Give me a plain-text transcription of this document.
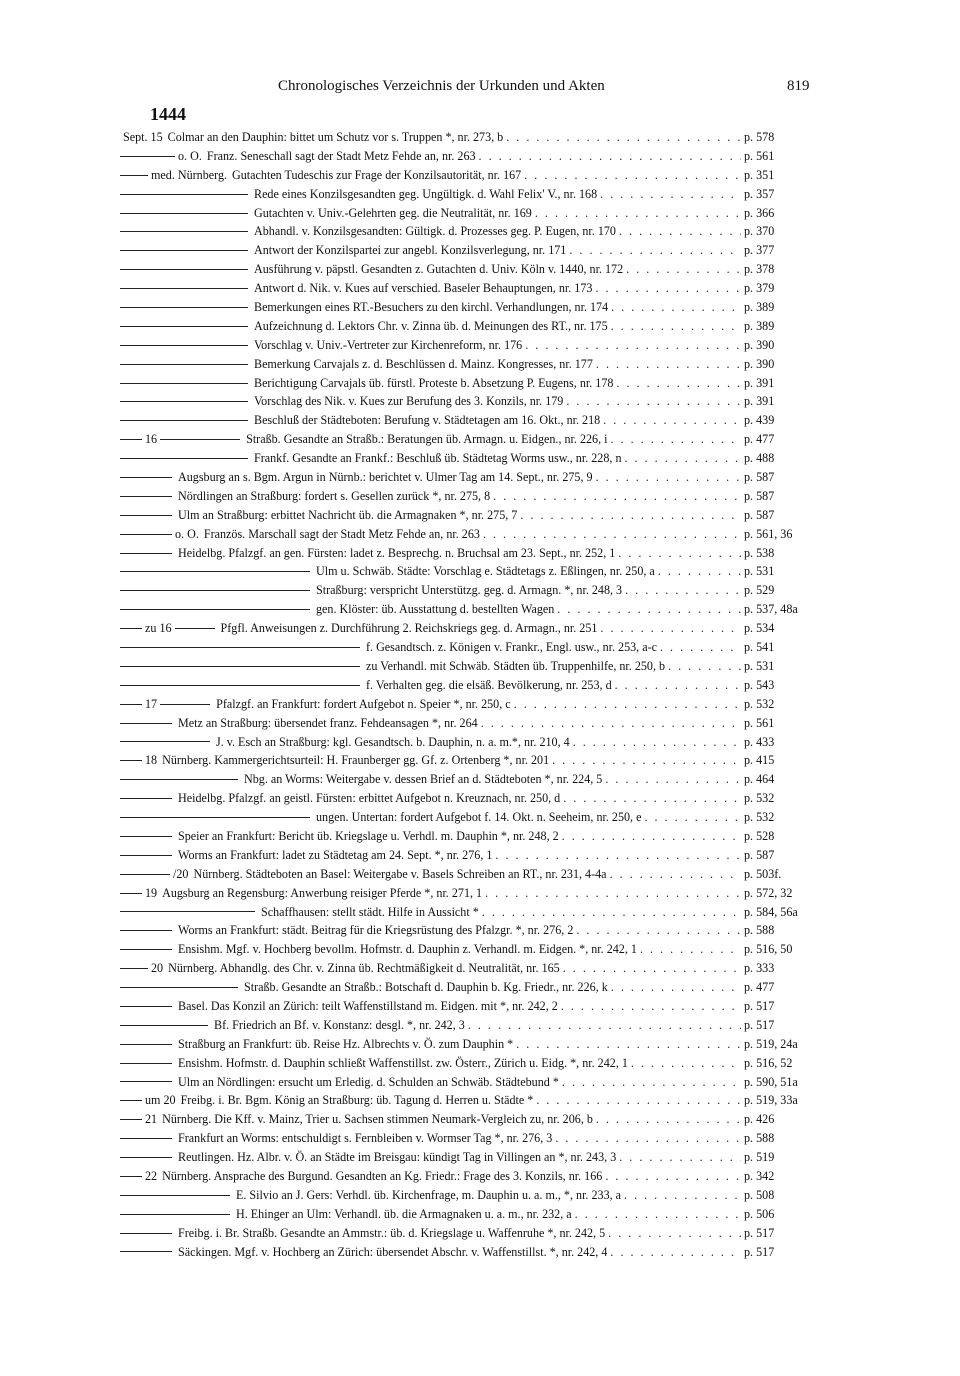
Chronologisches Verzeichnis der Urkunden und Akten	819
1444
Sept. 15 Colmar an den Dauphin: bittet um Schutz vor s. Truppen *, nr. 273, b . . .	p. 578
o. O. Franz. Seneschall sagt der Stadt Metz Fehde an, nr. 263 . . .	p. 561
med. Nürnberg. Gutachten Tudeschis zur Frage der Konzilsautorität, nr. 167 . . .	p. 351
Rede eines Konzilsgesandten geg. Ungültigk. d. Wahl Felix' V., nr. 168 . . .	p. 357
Gutachten v. Univ.-Gelehrten geg. die Neutralität, nr. 169 . . .	p. 366
Abhandl. v. Konzilsgesandten: Gültigk. d. Prozesses geg. P. Eugen, nr. 170 . . .	p. 370
Antwort der Konzilspartei zur angebl. Konzilsverlegung, nr. 171 . . .	p. 377
Ausführung v. päpstl. Gesandten z. Gutachten d. Univ. Köln v. 1440, nr. 172 . . .	p. 378
Antwort d. Nik. v. Kues auf verschied. Baseler Behauptungen, nr. 173 . . .	p. 379
Bemerkungen eines RT.-Besuchers zu den kirchl. Verhandlungen, nr. 174 . . .	p. 389
Aufzeichnung d. Lektors Chr. v. Zinna üb. d. Meinungen des RT., nr. 175 . . .	p. 389
Vorschlag v. Univ.-Vertreter zur Kirchenreform, nr. 176 . . .	p. 390
Bemerkung Carvajals z. d. Beschlüssen d. Mainz. Kongresses, nr. 177 . . .	p. 390
Berichtigung Carvajals üb. fürstl. Proteste b. Absetzung P. Eugens, nr. 178 . . .	p. 391
Vorschlag des Nik. v. Kues zur Berufung des 3. Konzils, nr. 179 . . .	p. 391
Beschluß der Städteboten: Berufung v. Städtetagen am 16. Okt., nr. 218 . . .	p. 439
16	Straßb. Gesandte an Straßb.: Beratungen üb. Armagn. u. Eidgen., nr. 226, i . . .	p. 477
Frankf. Gesandte an Frankf.: Beschluß üb. Städtetag Worms usw., nr. 228, n . . .	p. 488
Augsburg an s. Bgm. Argun in Nürnb.: berichtet v. Ulmer Tag am 14. Sept., nr. 275, 9 . . .	p. 587
Nördlingen an Straßburg: fordert s. Gesellen zurück *, nr. 275, 8 . . .	p. 587
Ulm an Straßburg: erbittet Nachricht üb. die Armagnaken *, nr. 275, 7 . . .	p. 587
o. O. Französ. Marschall sagt der Stadt Metz Fehde an, nr. 263 . . .	p. 561, 36
Heidelbg. Pfalzgf. an gen. Fürsten: ladet z. Besprechg. n. Bruchsal am 23. Sept., nr. 252, 1 . . .	p. 538
Ulm u. Schwäb. Städte: Vorschlag e. Städtetags z. Eßlingen, nr. 250, a . . .	p. 531
Straßburg: verspricht Unterstützg. geg. d. Armagn. *, nr. 248, 3 . . .	p. 529
gen. Klöster: üb. Ausstattung d. bestellten Wagen . . .	p. 537, 48a
zu 16	Pfgfl. Anweisungen z. Durchführung 2. Reichskriegs geg. d. Armagn., nr. 251 . . .	p. 534
f. Gesandtsch. z. Königen v. Frankr., Engl. usw., nr. 253, a-c . . .	p. 541
zu Verhandl. mit Schwäb. Städten üb. Truppenhilfe, nr. 250, b . . .	p. 531
f. Verhalten geg. die elsäß. Bevölkerung, nr. 253, d . . .	p. 543
17	Pfalzgf. an Frankfurt: fordert Aufgebot n. Speier *, nr. 250, c . . .	p. 532
Metz an Straßburg: übersendet franz. Fehdeansagen *, nr. 264 . . .	p. 561
J. v. Esch an Straßburg: kgl. Gesandtsch. b. Dauphin, n. a. m.*, nr. 210, 4 . . .	p. 433
18 Nürnberg. Kammergerichtsurteil: H. Fraunberger gg. Gf. z. Ortenberg *, nr. 201 . . .	p. 415
Nbg. an Worms: Weitergabe v. dessen Brief an d. Städteboten *, nr. 224, 5 . . .	p. 464
Heidelbg. Pfalzgf. an geistl. Fürsten: erbittet Aufgebot n. Kreuznach, nr. 250, d . . .	p. 532
ungen. Untertan: fordert Aufgebot f. 14. Okt. n. Seeheim, nr. 250, e . . .	p. 532
Speier an Frankfurt: Bericht üb. Kriegslage u. Verhdl. m. Dauphin *, nr. 248, 2 . . .	p. 528
Worms an Frankfurt: ladet zu Städtetag am 24. Sept. *, nr. 276, 1 . . .	p. 587
/20 Nürnberg. Städteboten an Basel: Weitergabe v. Basels Schreiben an RT., nr. 231, 4-4a . . .	p. 503f.
19 Augsburg an Regensburg: Anwerbung reisiger Pferde *, nr. 271, 1 . . .	p. 572, 32
Schaffhausen: stellt städt. Hilfe in Aussicht * . . .	p. 584, 56a
Worms an Frankfurt: städt. Beitrag für die Kriegsrüstung des Pfalzgr. *, nr. 276, 2 . . .	p. 588
Ensishm. Mgf. v. Hochberg bevollm. Hofmstr. d. Dauphin z. Verhandl. m. Eidgen. *, nr. 242, 1 . . .	p. 516, 50
20 Nürnberg. Abhandlg. des Chr. v. Zinna üb. Rechtmäßigkeit d. Neutralität, nr. 165 . . .	p. 333
Straßb. Gesandte an Straßb.: Botschaft d. Dauphin b. Kg. Friedr., nr. 226, k . . .	p. 477
Basel. Das Konzil an Zürich: teilt Waffenstillstand m. Eidgen. mit *, nr. 242, 2 . . .	p. 517
Bf. Friedrich an Bf. v. Konstanz: desgl. *, nr. 242, 3 . . .	p. 517
Straßburg an Frankfurt: üb. Reise Hz. Albrechts v. Ö. zum Dauphin * . . .	p. 519, 24a
Ensishm. Hofmstr. d. Dauphin schließt Waffenstillst. zw. Österr., Zürich u. Eidg. *, nr. 242, 1 . . .	p. 516, 52
Ulm an Nördlingen: ersucht um Erledig. d. Schulden an Schwäb. Städtebund * . . .	p. 590, 51a
um 20 Freibg. i. Br. Bgm. König an Straßburg: üb. Tagung d. Herren u. Städte * . . .	p. 519, 33a
21 Nürnberg. Die Kff. v. Mainz, Trier u. Sachsen stimmen Neumark-Vergleich zu, nr. 206, b . . .	p. 426
Frankfurt an Worms: entschuldigt s. Fernbleiben v. Wormser Tag *, nr. 276, 3 . . .	p. 588
Reutlingen. Hz. Albr. v. Ö. an Städte im Breisgau: kündigt Tag in Villingen an *, nr. 243, 3 . . .	p. 519
22 Nürnberg. Ansprache des Burgund. Gesandten an Kg. Friedr.: Frage des 3. Konzils, nr. 166 . . .	p. 342
E. Silvio an J. Gers: Verhdl. üb. Kirchenfrage, m. Dauphin u. a. m., *, nr. 233, a . . .	p. 508
H. Ehinger an Ulm: Verhandl. üb. die Armagnaken u. a. m., nr. 232, a . . .	p. 506
Freibg. i. Br. Straßb. Gesandte an Ammstr.: üb. d. Kriegslage u. Waffenruhe *, nr. 242, 5 . . .	p. 517
Säckingen. Mgf. v. Hochberg an Zürich: übersendet Abschr. v. Waffenstillst. *, nr. 242, 4 . . .	p. 517
